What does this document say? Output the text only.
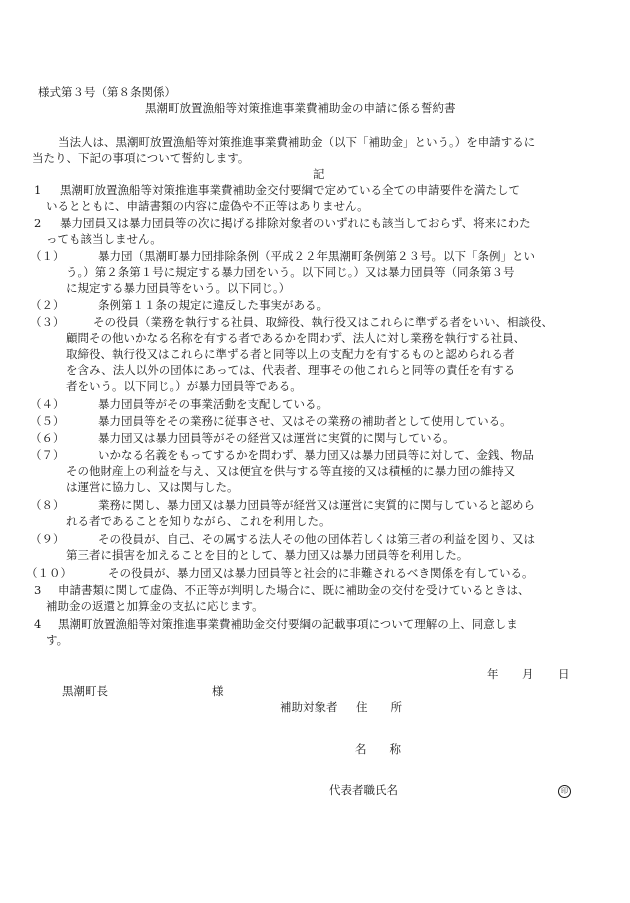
様式第３号（第８条関係）
黒潮町放置漁船等対策推進事業費補助金の申請に係る誓約書
当法人は、黒潮町放置漁船等対策推進事業費補助金（以下「補助金」という。）を申請するに
当たり、下記の事項について誓約します。
記
1 黒潮町放置漁船等対策推進事業費補助金交付要綱で定めている全ての申請要件を満たして
いるとともに、申請書類の内容に虚偽や不正等はありません。
2 暴力団員又は暴力団員等の次に掲げる排除対象者のいずれにも該当しておらず、将来にわた
っても該当しません。
（１）	暴力団（黒潮町暴力団排除条例（平成２２年黒潮町条例第２３号。以下「条例」とい
う。）第２条第１号に規定する暴力団をいう。以下同じ。）又は暴力団員等（同条第３号
に規定する暴力団員等をいう。以下同じ。）
（２）	条例第１１条の規定に違反した事実がある。
（３） その役員（業務を執行する社員、取締役、執行役又はこれらに準ずる者をいい、相談役、
顧問その他いかなる名称を有する者であるかを問わず、法人に対し業務を執行する社員、
取締役、執行役又はこれらに準ずる者と同等以上の支配力を有するものと認められる者
を含み、法人以外の団体にあっては、代表者、理事その他これらと同等の責任を有する
者をいう。以下同じ。）が暴力団員等である。
（４）	暴力団員等がその事業活動を支配している。
（５）	暴力団員等をその業務に従事させ、又はその業務の補助者として使用している。
（６）	暴力団又は暴力団員等がその経営又は運営に実質的に関与している。
（７）	いかなる名義をもってするかを問わず、暴力団又は暴力団員等に対して、金銭、物品
その他財産上の利益を与え、又は便宜を供与する等直接的又は積極的に暴力団の維持又
は運営に協力し、又は関与した。
（８）	業務に関し、暴力団又は暴力団員等が経営又は運営に実質的に関与していると認めら
れる者であることを知りながら、これを利用した。
（９）	その役員が、自己、その属する法人その他の団体若しくは第三者の利益を図り、又は
第三者に損害を加えることを目的として、暴力団又は暴力団員等を利用した。
（１０）	その役員が、暴力団又は暴力団員等と社会的に非難されるべき関係を有している。
3 申請書類に関して虚偽、不正等が判明した場合に、既に補助金の交付を受けているときは、
補助金の返還と加算金の支払に応じます。
4 黒潮町放置漁船等対策推進事業費補助金交付要綱の記載事項について理解の上、同意しま
す。
年 月 日
黒潮町長	様
補助対象者 住　　所
名　　称
代表者職氏名	印
